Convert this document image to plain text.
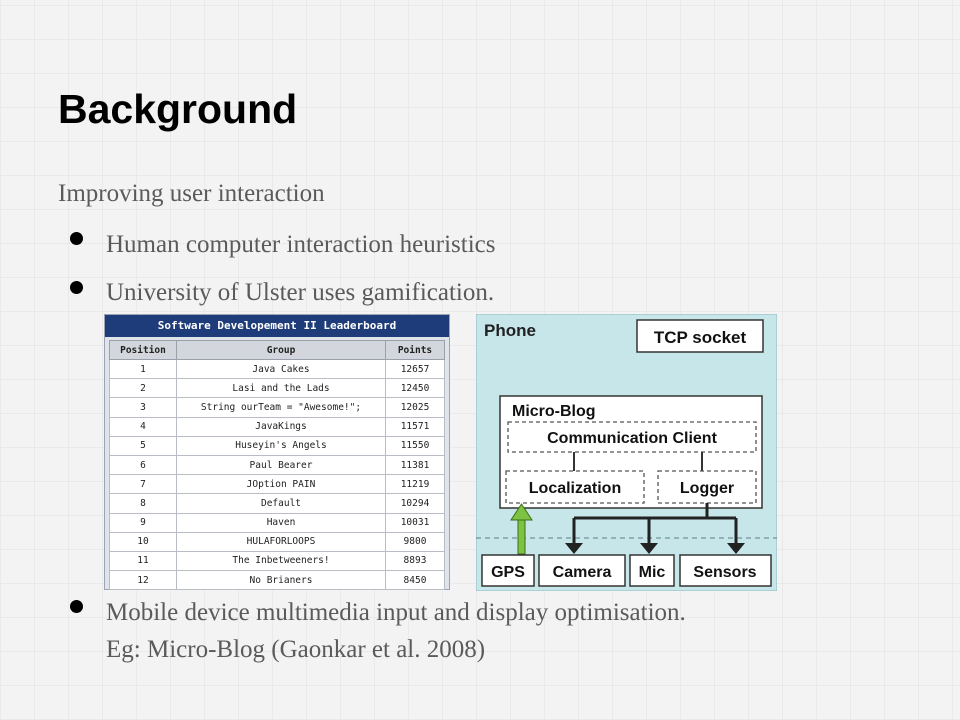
Background
Improving user interaction
Human computer interaction heuristics
University of Ulster uses gamification.
Software Developement II Leaderboard
Position	Group	Points
1	Java Cakes	12657
2	Lasi and the Lads	12450
3	String ourTeam = "Awesome!";	12025
4	JavaKings	11571
5	Huseyin's Angels	11550
6	Paul Bearer	11381
7	JOption PAIN	11219
8	Default	10294
9	Haven	10031
10	HULAFORLOOPS	9800
11	The Inbetweeners!	8893
12	No Brianers	8450
Phone	TCP socket
Micro-Blog
Communication Client
Localization	Logger
GPS Camera Mic Sensors
Mobile device multimedia input and display optimisation.
Eg: Micro-Blog (Gaonkar et al. 2008)
